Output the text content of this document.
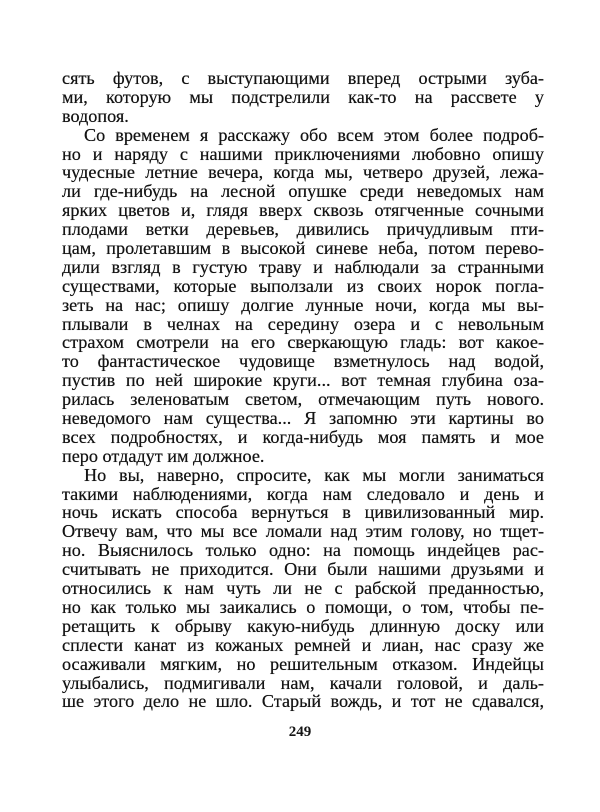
сять футов, с выступающими вперед острыми зуба-
ми, которую мы подстрелили как-то на рассвете у
водопоя.
Со временем я расскажу обо всем этом более подроб-
но и наряду с нашими приключениями любовно опишу
чудесные летние вечера, когда мы, четверо друзей, лежа-
ли где-нибудь на лесной опушке среди неведомых нам
ярких цветов и, глядя вверх сквозь отягченные сочными
плодами ветки деревьев, дивились причудливым пти-
цам, пролетавшим в высокой синеве неба, потом перево-
дили взгляд в густую траву и наблюдали за странными
существами, которые выползали из своих норок погла-
зеть на нас; опишу долгие лунные ночи, когда мы вы-
плывали в челнах на середину озера и с невольным
страхом смотрели на его сверкающую гладь: вот какое-
то фантастическое чудовище взметнулось над водой,
пустив по ней широкие круги... вот темная глубина оза-
рилась зеленоватым светом, отмечающим путь нового.
неведомого нам существа... Я запомню эти картины во
всех подробностях, и когда-нибудь моя память и мое
перо отдадут им должное.
Но вы, наверно, спросите, как мы могли заниматься
такими наблюдениями, когда нам следовало и день и
ночь искать способа вернуться в цивилизованный мир.
Отвечу вам, что мы все ломали над этим голову, но тщет-
но. Выяснилось только одно: на помощь индейцев рас-
считывать не приходится. Они были нашими друзьями и
относились к нам чуть ли не с рабской преданностью,
но как только мы заикались о помощи, о том, чтобы пе-
ретащить к обрыву какую-нибудь длинную доску или
сплести канат из кожаных ремней и лиан, нас сразу же
осаживали мягким, но решительным отказом. Индейцы
улыбались, подмигивали нам, качали головой, и даль-
ше этого дело не шло. Старый вождь, и тот не сдавался,
249
